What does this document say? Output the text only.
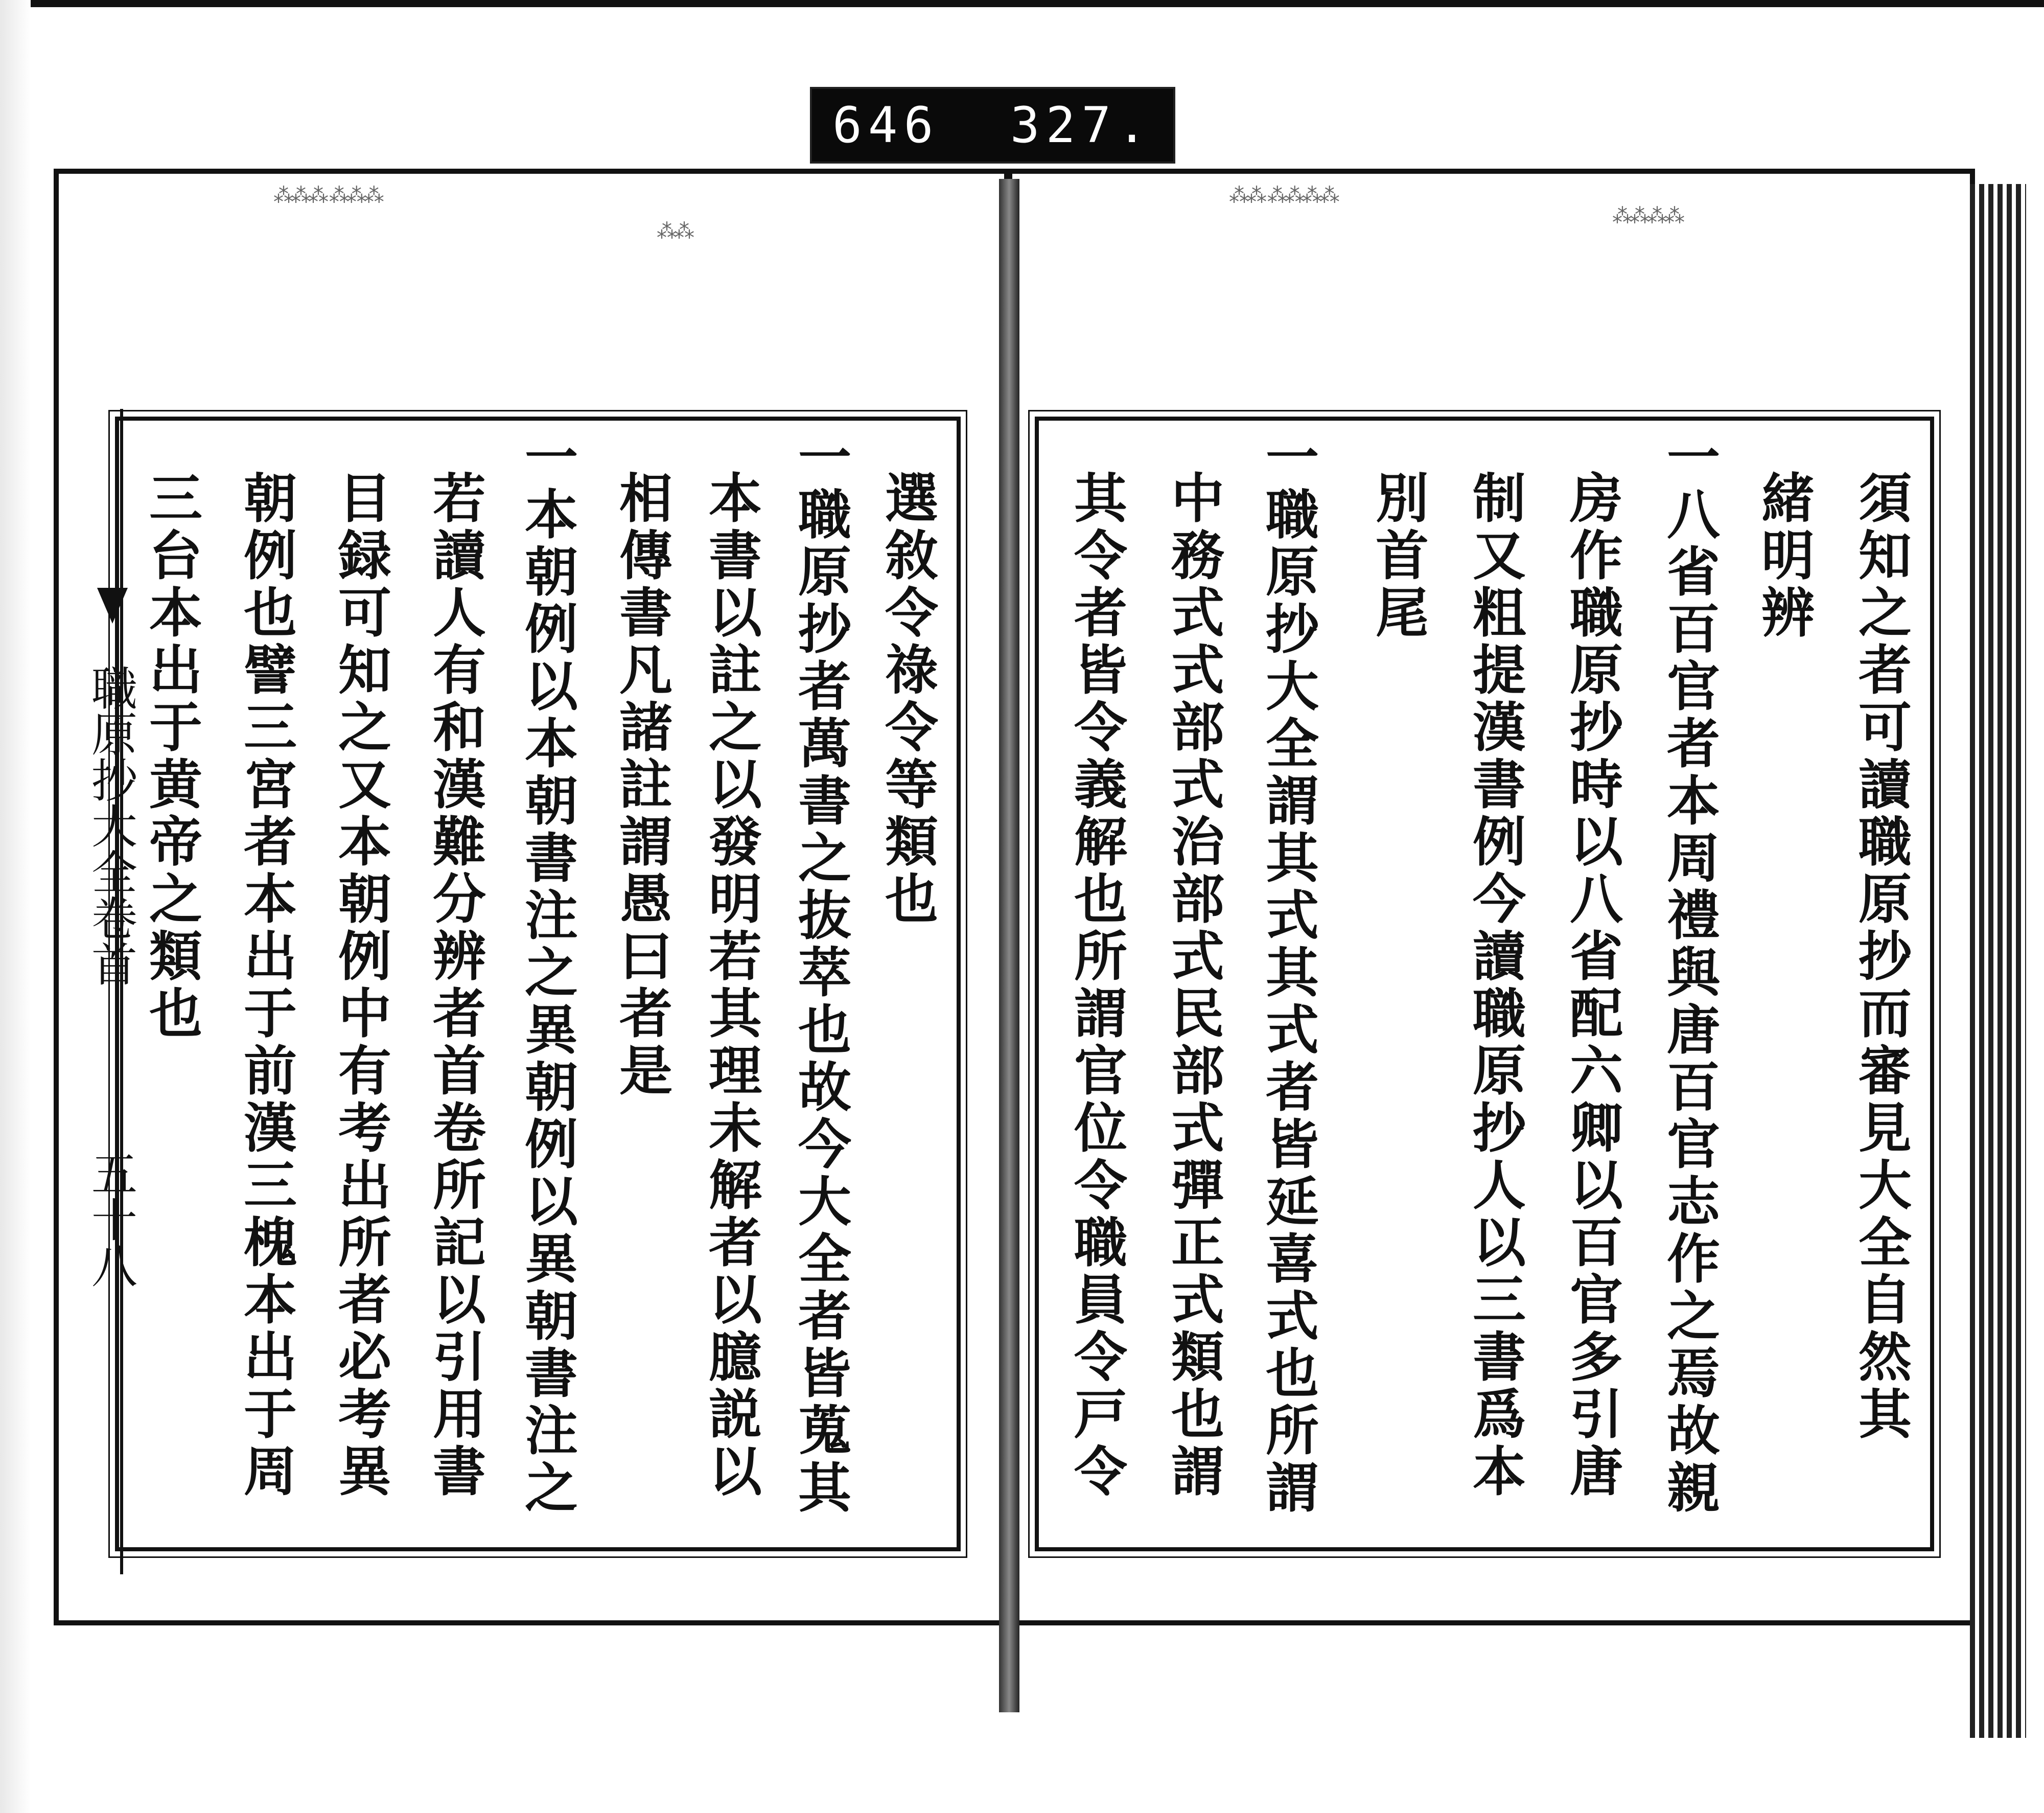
646 327.
⁂⁂⁂ ⁂⁂⁂	⁂⁂ ⁂⁂⁂⁂
⁂⁂⁂⁂
⁂⁂
職原抄大全卷首
五十八
選敘令祿令等類也
一職原抄者萬書之抜萃也故今大全者皆蒐其
本書以註之以發明若其理未解者以臆説以
相傳書凡諸註謂愚曰者是
一本朝例以本朝書注之異朝例以異朝書注之
若讀人有和漢難分辨者首卷所記以引用書
目録可知之又本朝例中有考出所者必考異
朝例也譬三宮者本出于前漢三槐本出于周
三台本出于黄帝之類也	須知之者可讀職原抄而審見大全自然其
緒明辨
一八省百官者本周禮與唐百官志作之焉故親
房作職原抄時以八省配六卿以百官多引唐
制又粗提漢書例今讀職原抄人以三書爲本
別首尾
一職原抄大全謂其式其式者皆延喜式也所謂
中務式式部式治部式民部式彈正式類也謂
其令者皆令義解也所謂官位令職員令戸令
